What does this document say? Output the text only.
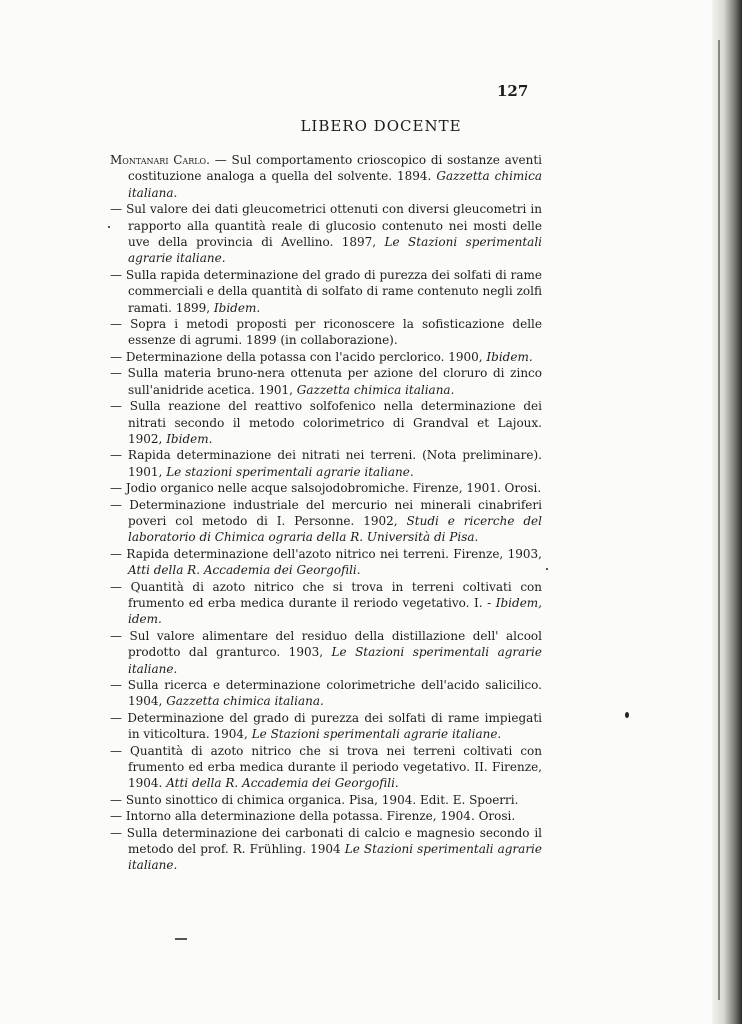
127
LIBERO DOCENTE

Montanari Carlo. — Sul comportamento crioscopico di sostanze aventi costituzione analoga a quella del solvente. 1894. Gazzetta chimica italiana.

— Sul valore dei dati gleucometrici ottenuti con diversi gleucometri in rapporto alla quantità reale di glucosio contenuto nei mosti delle uve della provincia di Avellino. 1897, Le Stazioni sperimentali agrarie italiane.

— Sulla rapida determinazione del grado di purezza dei solfati di rame commerciali e della quantità di solfato di rame contenuto negli zolfi ramati. 1899, Ibidem.

— Sopra i metodi proposti per riconoscere la sofisticazione delle essenze di agrumi. 1899 (in collaborazione).

— Determinazione della potassa con l'acido perclorico. 1900, Ibidem.

— Sulla materia bruno-nera ottenuta per azione del cloruro di zinco sull'anidride acetica. 1901, Gazzetta chimica italiana.

— Sulla reazione del reattivo solfofenico nella determinazione dei nitrati secondo il metodo colorimetrico di Grandval et Lajoux. 1902, Ibidem.

— Rapida determinazione dei nitrati nei terreni. (Nota preliminare). 1901, Le stazioni sperimentali agrarie italiane.

— Jodio organico nelle acque salsojodobromiche. Firenze, 1901. Orosi.

— Determinazione industriale del mercurio nei minerali cinabriferi poveri col metodo di I. Personne. 1902, Studi e ricerche del laboratorio di Chimica ograria della R. Università di Pisa.

— Rapida determinazione dell'azoto nitrico nei terreni. Firenze, 1903, Atti della R. Accademia dei Georgofili.

— Quantità di azoto nitrico che si trova in terreni coltivati con frumento ed erba medica durante il reriodo vegetativo. I. - Ibidem, idem.

— Sul valore alimentare del residuo della distillazione dell' alcool prodotto dal granturco. 1903, Le Stazioni sperimentali agrarie italiane.

— Sulla ricerca e determinazione colorimetriche dell'acido salicilico. 1904, Gazzetta chimica italiana.

— Determinazione del grado di purezza dei solfati di rame impiegati in viticoltura. 1904, Le Stazioni sperimentali agrarie italiane.

— Quantità di azoto nitrico che si trova nei terreni coltivati con frumento ed erba medica durante il periodo vegetativo. II. Firenze, 1904. Atti della R. Accademia dei Georgofili.

— Sunto sinottico di chimica organica. Pisa, 1904. Edit. E. Spoerri.

— Intorno alla determinazione della potassa. Firenze, 1904. Orosi.

— Sulla determinazione dei carbonati di calcio e magnesio secondo il metodo del prof. R. Frühling. 1904 Le Stazioni sperimentali agrarie italiane.
